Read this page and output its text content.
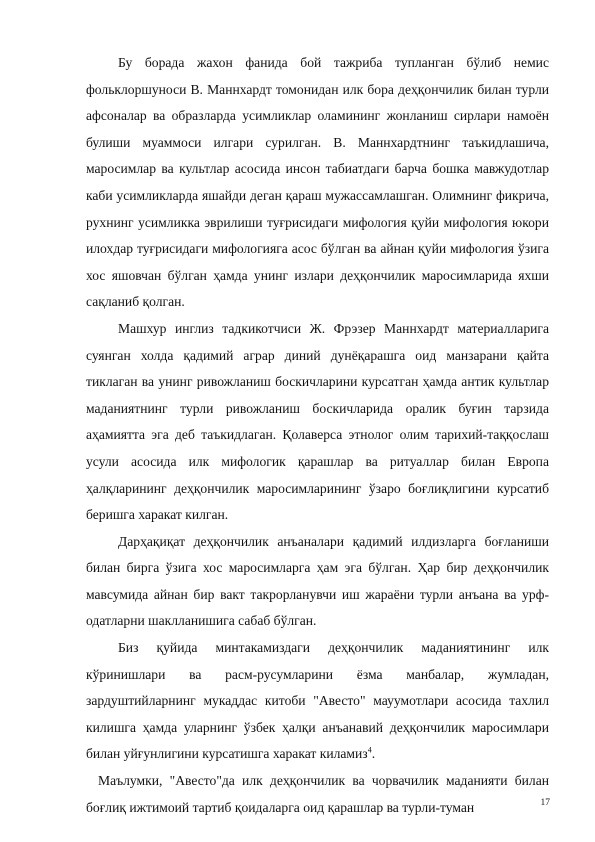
Бу борада жахон фанида бой тажриба тупланган бўлиб немис фольклоршуноси В. Маннхардт томонидан илк бора деҳқончилик билан турли афсоналар ва образларда усимликлар оламининг жонланиш сирлари намоён булиши муаммоси илгари сурилган. В. Маннхардтнинг таъкидлашича, маросимлар ва культлар асосида инсон табиатдаги барча бошка мавжудотлар каби усимликларда яшайди деган қараш мужассамлашган. Олимнинг фикрича, рухнинг усимликка эврилиши туғрисидаги мифология қуйи мифология юкори илохдар туғрисидаги мифологияга асос бўлган ва айнан қуйи мифология ўзига хос яшовчан бўлган ҳамда унинг излари деҳқончилик маросимларида яхши сақланиб қолган.

Машхур инглиз тадкикотчиси Ж. Фрэзер Маннхардт материалларига суянган холда қадимий аграр диний дунёқарашга оид манзарани қайта тиклаган ва унинг ривожланиш боскичларини курсатган ҳамда антик культлар маданиятнинг турли ривожланиш боскичларида оралик буғин тарзида аҳамиятта эга деб таъкидлаган. Қолаверса этнолог олим тарихий-таққослаш усули асосида илк мифологик қарашлар ва ритуаллар билан Европа ҳалқларининг деҳқончилик маросимларининг ўзаро боғлиқлигини курсатиб беришга харакат килган.

Дарҳақиқат деҳқончилик анъаналари қадимий илдизларга боғланиши билан бирга ўзига хос маросимларга ҳам эга бўлган. Ҳар бир деҳқончилик мавсумида айнан бир вакт такрорланувчи иш жараёни турли анъана ва урф-одатларни шаклланишига сабаб бўлган.

Биз қуйида минтакамиздаги деҳқончилик маданиятининг илк кўринишлари ва расм-русумларини ёзма манбалар, жумладан, зардуштийларнинг мукаддас китоби "Авесто" мауумотлари асосида тахлил килишга ҳамда уларнинг ўзбек ҳалқи анъанавий деҳқончилик маросимлари билан уйғунлигини курсатишга харакат киламиз$^4$.

Маълумки, "Авесто"да илк деҳқончилик ва чорвачилик маданияти билан боғлиқ ижтимоий тартиб қоидаларга оид қарашлар ва турли-туман	17
